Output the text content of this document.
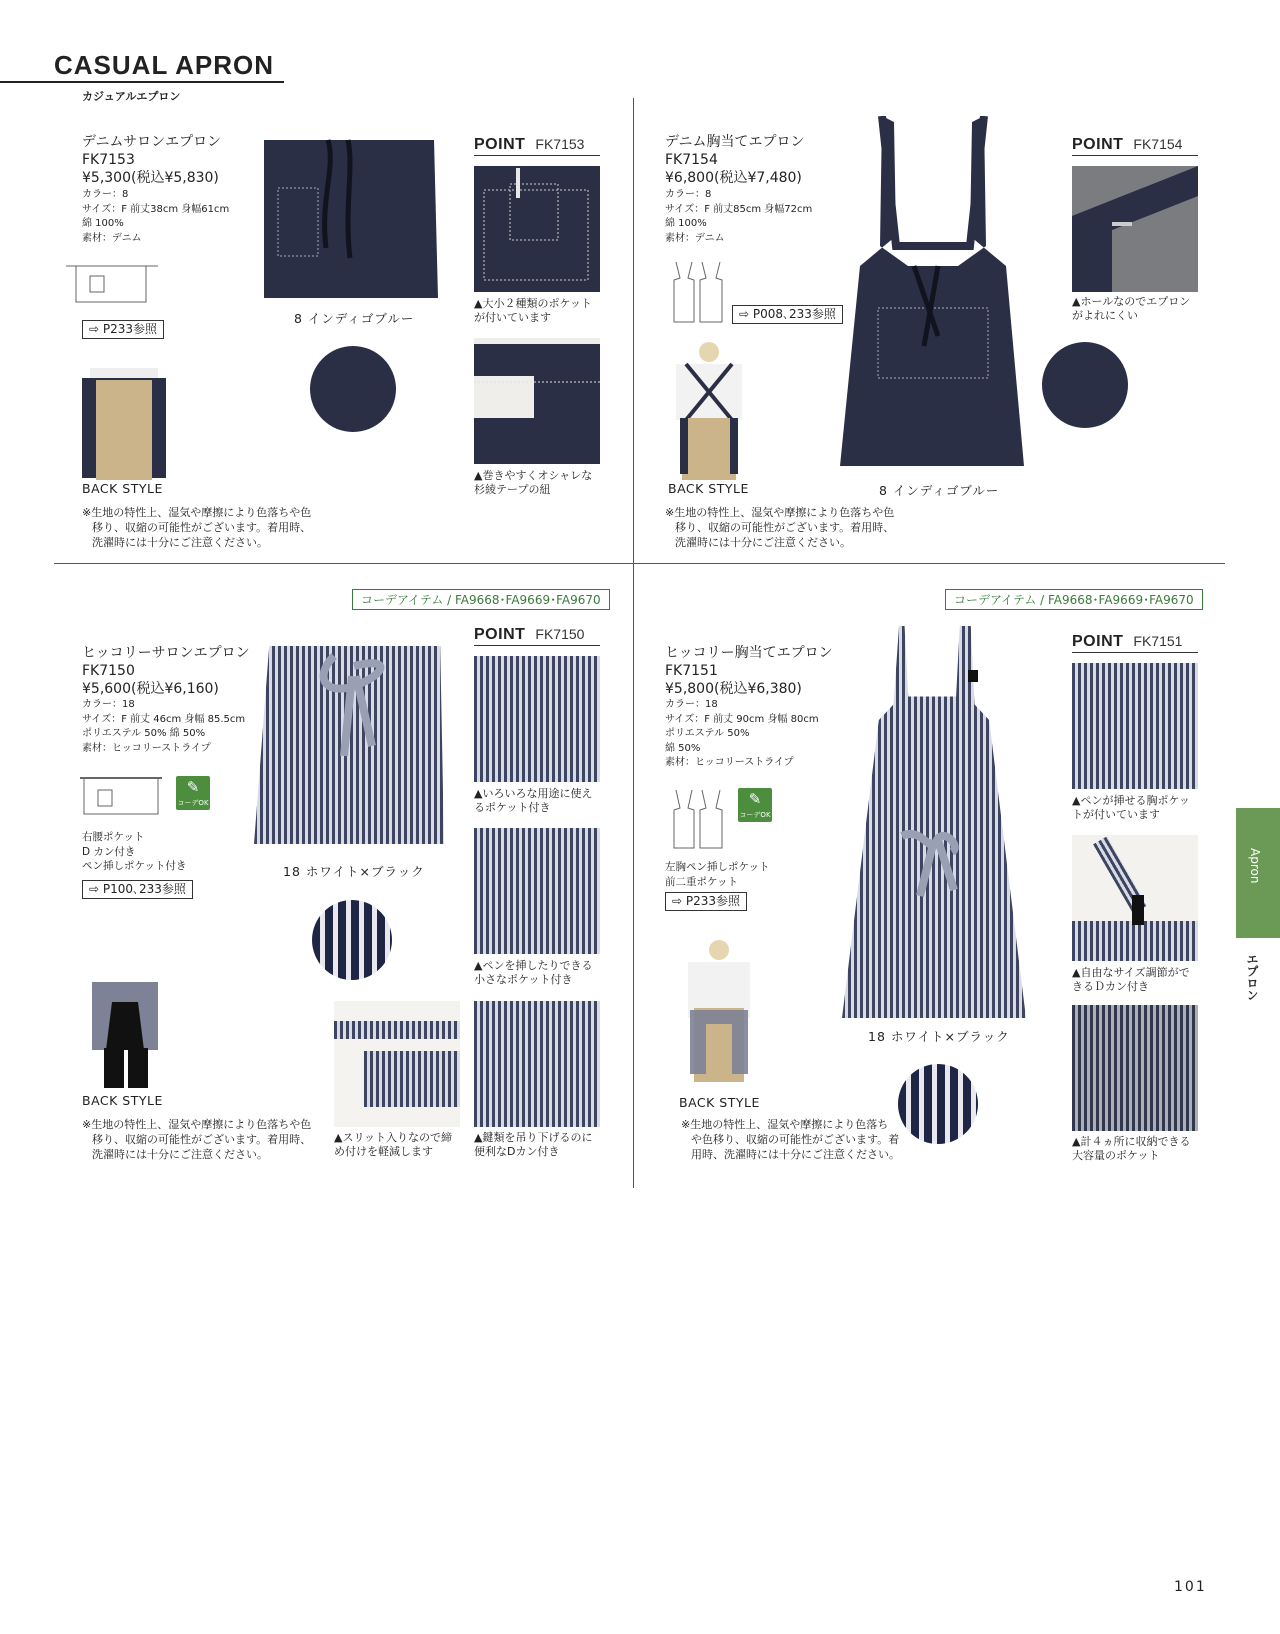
CASUAL APRON
カジュアルエプロン
デニムサロンエプロン
FK7153
¥5,300(税込¥5,830)
カラー：8
サイズ：F 前丈38cm 身幅61cm
綿 100%
素材：デニム
⇨ P233参照
8 インディゴブルー
BACK STYLE
※生地の特性上、湿気や摩擦により色落ちや色
移り、収縮の可能性がございます。着用時、
洗濯時には十分にご注意ください。
POINT FK7153
▲大小２種類のポケットが付いています
▲巻きやすくオシャレな杉綾テープの紐
デニム胸当てエプロン
FK7154
¥6,800(税込¥7,480)
カラー：8
サイズ：F 前丈85cm 身幅72cm
綿 100%
素材：デニム
⇨ P008､233参照
8 インディゴブルー
BACK STYLE
※生地の特性上、湿気や摩擦により色落ちや色
移り、収縮の可能性がございます。着用時、
洗濯時には十分にご注意ください。
POINT FK7154
▲ホールなのでエプロンがよれにくい
コーデアイテム / FA9668･FA9669･FA9670
ヒッコリーサロンエプロン
FK7150
¥5,600(税込¥6,160)
カラー：18
サイズ：F 前丈 46cm 身幅 85.5cm
ポリエステル 50% 綿 50%
素材：ヒッコリーストライプ
✎
コーデOK
右腰ポケット
D カン付き
ペン挿しポケット付き
⇨ P100､233参照
18 ホワイト×ブラック
BACK STYLE
※生地の特性上、湿気や摩擦により色落ちや色
移り、収縮の可能性がございます。着用時、
洗濯時には十分にご注意ください。
POINT FK7150
▲いろいろな用途に使えるポケット付き
▲ペンを挿したりできる小さなポケット付き
▲スリット入りなので締め付けを軽減します
▲鍵類を吊り下げるのに便利なDカン付き
コーデアイテム / FA9668･FA9669･FA9670
ヒッコリー胸当てエプロン
FK7151
¥5,800(税込¥6,380)
カラー：18
サイズ：F 前丈 90cm 身幅 80cm
ポリエステル 50%
綿 50%
素材：ヒッコリーストライプ
✎
コーデOK
左胸ペン挿しポケット
前二重ポケット
⇨ P233参照
18 ホワイト×ブラック
BACK STYLE
※生地の特性上、湿気や摩擦により色落ち
や色移り、収縮の可能性がございます。着
用時、洗濯時には十分にご注意ください。
POINT FK7151
▲ペンが挿せる胸ポケットが付いています
▲自由なサイズ調節ができるＤカン付き
▲計４ヵ所に収納できる大容量のポケット
Apron
エプロン
101
